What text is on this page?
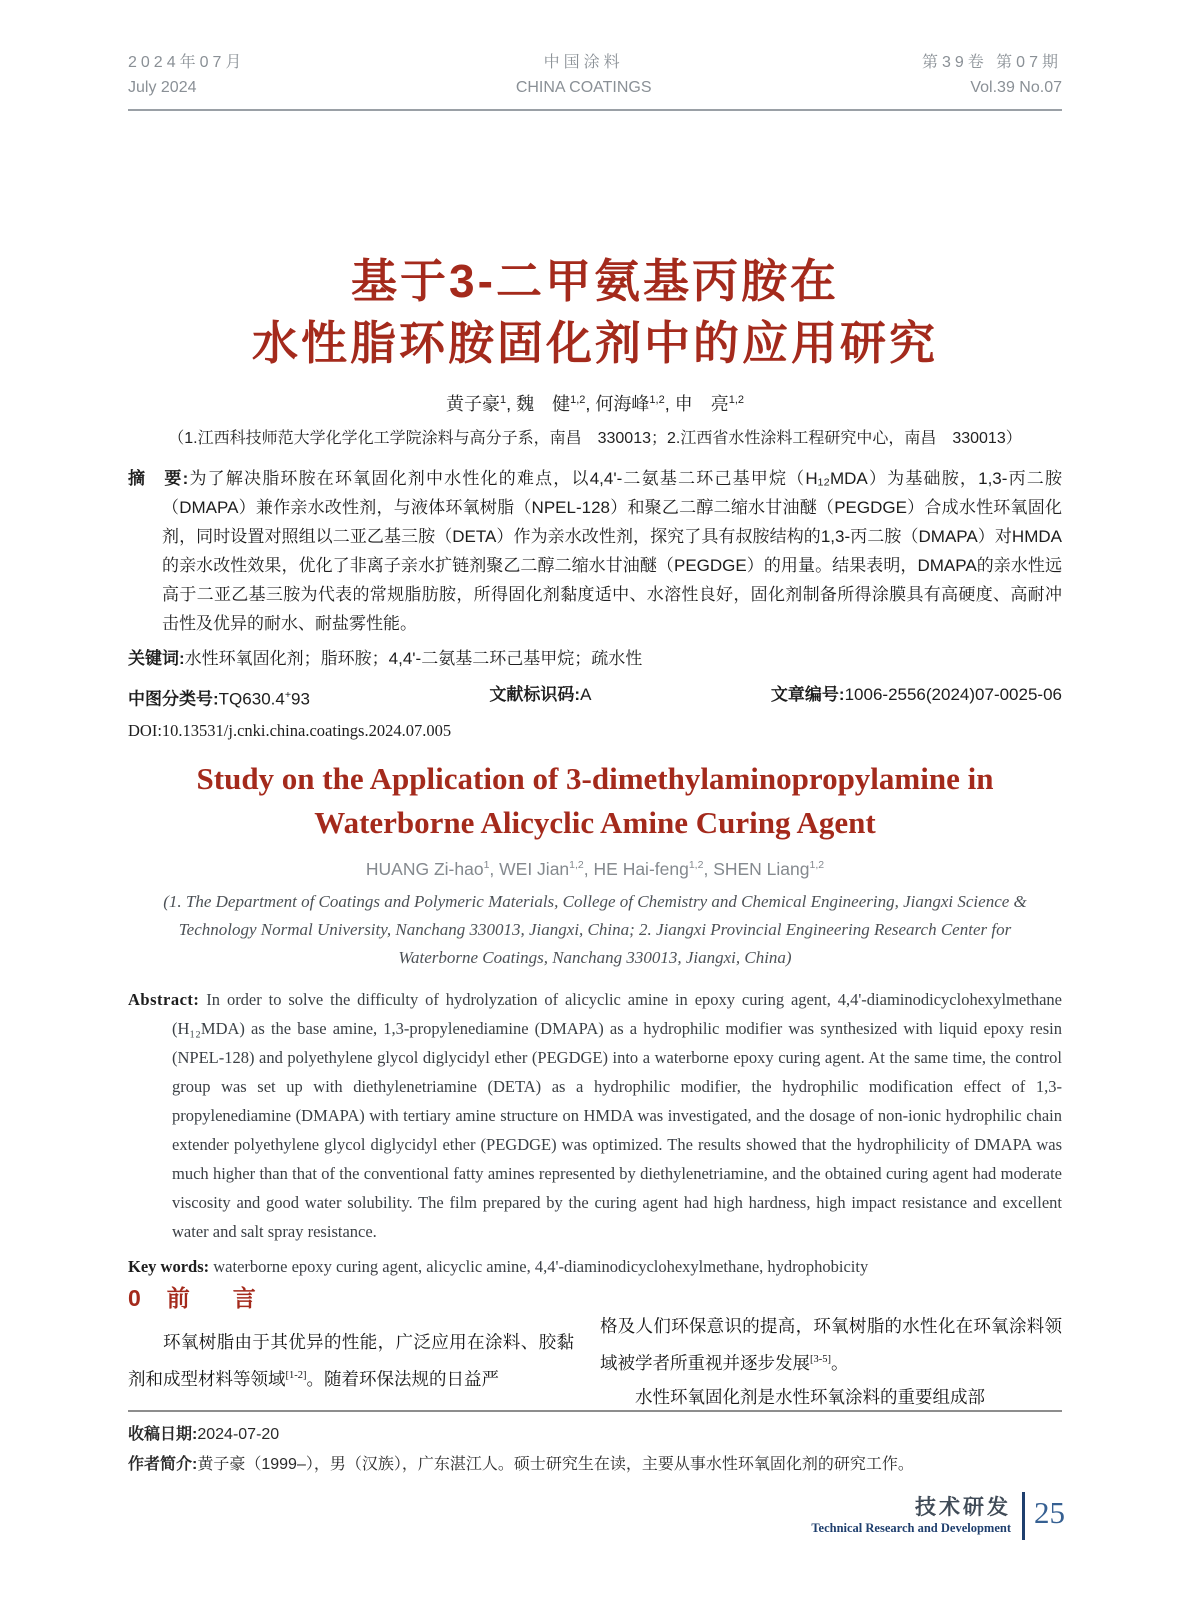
2024年07月
July 2024
中国涂料
CHINA COATINGS
第39卷 第07期
Vol.39 No.07
基于3-二甲氨基丙胺在
水性脂环胺固化剂中的应用研究
黄子豪$^1$, 魏　健$^{1,2}$, 何海峰$^{1,2}$, 申　亮$^{1,2}$
（1.江西科技师范大学化学化工学院涂料与高分子系，南昌　330013；2.江西省水性涂料工程研究中心，南昌　330013）

摘　要:为了解决脂环胺在环氧固化剂中水性化的难点，以4,4'-二氨基二环己基甲烷（H₁₂MDA）为基础胺，1,3-丙二胺（DMAPA）兼作亲水改性剂，与液体环氧树脂（NPEL-128）和聚乙二醇二缩水甘油醚（PEGDGE）合成水性环氧固化剂，同时设置对照组以二亚乙基三胺（DETA）作为亲水改性剂，探究了具有叔胺结构的1,3-丙二胺（DMAPA）对HMDA的亲水改性效果，优化了非离子亲水扩链剂聚乙二醇二缩水甘油醚（PEGDGE）的用量。结果表明，DMAPA的亲水性远高于二亚乙基三胺为代表的常规脂肪胺，所得固化剂黏度适中、水溶性良好，固化剂制备所得涂膜具有高硬度、高耐冲击性及优异的耐水、耐盐雾性能。

关键词:水性环氧固化剂；脂环胺；4,4'-二氨基二环己基甲烷；疏水性

中图分类号:TQ630.4+93	文献标识码:A	文章编号:1006-2556(2024)07-0025-06
DOI:10.13531/j.cnki.china.coatings.2024.07.005
Study on the Application of 3-dimethylaminopropylamine in
Waterborne Alicyclic Amine Curing Agent
HUANG Zi-hao$^1$, WEI Jian$^{1,2}$, HE Hai-feng$^{1,2}$, SHEN Liang$^{1,2}$
(1. The Department of Coatings and Polymeric Materials, College of Chemistry and Chemical Engineering, Jiangxi Science & Technology Normal University, Nanchang 330013, Jiangxi, China; 2. Jiangxi Provincial Engineering Research Center for Waterborne Coatings, Nanchang 330013, Jiangxi, China)

Abstract: In order to solve the difficulty of hydrolyzation of alicyclic amine in epoxy curing agent, 4,4'-diaminodicyclohexylmethane (H₁₂MDA) as the base amine, 1,3-propylenediamine (DMAPA) as a hydrophilic modifier was synthesized with liquid epoxy resin (NPEL-128) and polyethylene glycol diglycidyl ether (PEGDGE) into a waterborne epoxy curing agent. At the same time, the control group was set up with diethylenetriamine (DETA) as a hydrophilic modifier, the hydrophilic modification effect of 1,3-propylenediamine (DMAPA) with tertiary amine structure on HMDA was investigated, and the dosage of non-ionic hydrophilic chain extender polyethylene glycol diglycidyl ether (PEGDGE) was optimized. The results showed that the hydrophilicity of DMAPA was much higher than that of the conventional fatty amines represented by diethylenetriamine, and the obtained curing agent had moderate viscosity and good water solubility. The film prepared by the curing agent had high hardness, high impact resistance and excellent water and salt spray resistance.

Key words: waterborne epoxy curing agent, alicyclic amine, 4,4'-diaminodicyclohexylmethane, hydrophobicity

0 前　言

环氧树脂由于其优异的性能，广泛应用在涂料、胶黏剂和成型材料等领域[1-2]。随着环保法规的日益严

格及人们环保意识的提高，环氧树脂的水性化在环氧涂料领域被学者所重视并逐步发展[3-5]。

水性环氧固化剂是水性环氧涂料的重要组成部

收稿日期:2024-07-20
作者简介:黄子豪（1999–），男（汉族），广东湛江人。硕士研究生在读，主要从事水性环氧固化剂的研究工作。
技术研发
Technical Research and Development 25
